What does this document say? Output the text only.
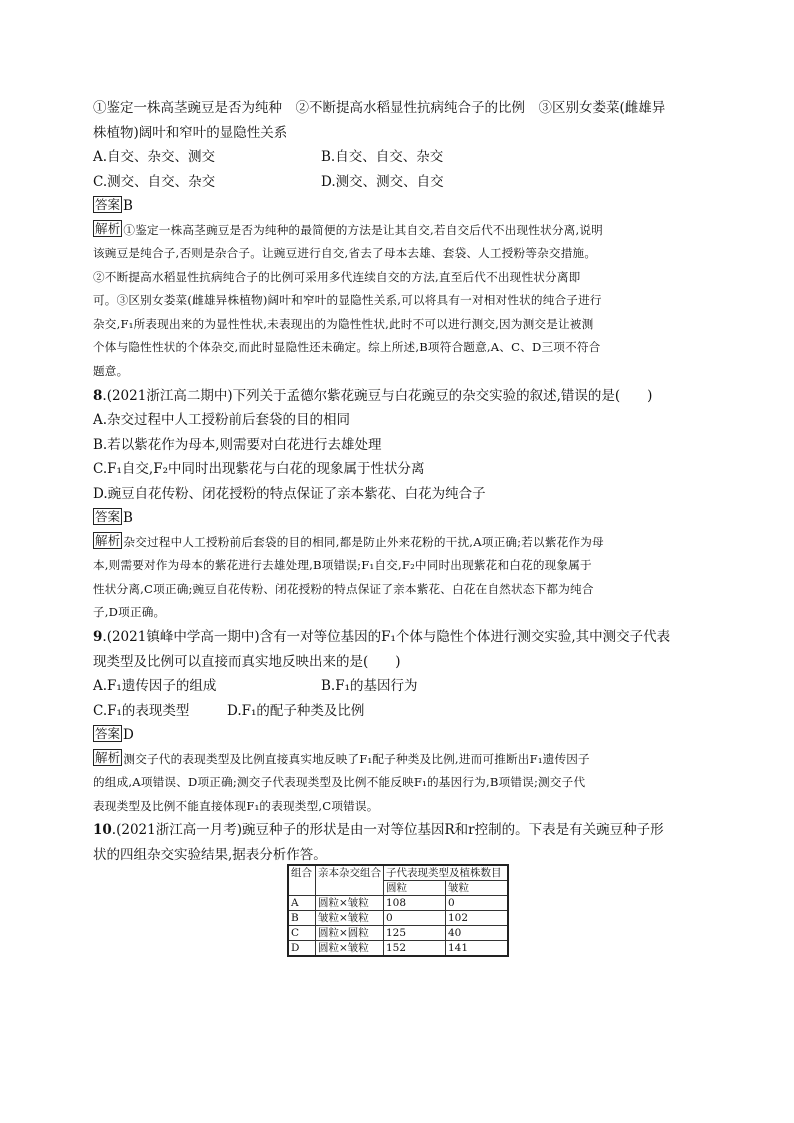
①鉴定一株高茎豌豆是否为纯种　②不断提高水稻显性抗病纯合子的比例　③区别女娄菜(雌雄异
株植物)阔叶和窄叶的显隐性关系
A.自交、杂交、测交	B.自交、自交、杂交
C.测交、自交、杂交	D.测交、测交、自交
答案 B
解析 ①鉴定一株高茎豌豆是否为纯种的最简便的方法是让其自交,若自交后代不出现性状分离,说明
该豌豆是纯合子,否则是杂合子。让豌豆进行自交,省去了母本去雄、套袋、人工授粉等杂交措施。
②不断提高水稻显性抗病纯合子的比例可采用多代连续自交的方法,直至后代不出现性状分离即
可。③区别女娄菜(雌雄异株植物)阔叶和窄叶的显隐性关系,可以将具有一对相对性状的纯合子进行
杂交,F₁所表现出来的为显性性状,未表现出的为隐性性状,此时不可以进行测交,因为测交是让被测
个体与隐性性状的个体杂交,而此时显隐性还未确定。综上所述,B项符合题意,A、C、D三项不符合
题意。
8.(2021浙江高二期中)下列关于孟德尔紫花豌豆与白花豌豆的杂交实验的叙述,错误的是(　　)
A.杂交过程中人工授粉前后套袋的目的相同
B.若以紫花作为母本,则需要对白花进行去雄处理
C.F₁自交,F₂中同时出现紫花与白花的现象属于性状分离
D.豌豆自花传粉、闭花授粉的特点保证了亲本紫花、白花为纯合子
答案 B
解析 杂交过程中人工授粉前后套袋的目的相同,都是防止外来花粉的干扰,A项正确;若以紫花作为母
本,则需要对作为母本的紫花进行去雄处理,B项错误;F₁自交,F₂中同时出现紫花和白花的现象属于
性状分离,C项正确;豌豆自花传粉、闭花授粉的特点保证了亲本紫花、白花在自然状态下都为纯合
子,D项正确。
9.(2021镇峰中学高一期中)含有一对等位基因的F₁个体与隐性个体进行测交实验,其中测交子代表
现类型及比例可以直接而真实地反映出来的是(　　)
A.F₁遗传因子的组成	B.F₁的基因行为
C.F₁的表现类型	D.F₁的配子种类及比例
答案 D
解析 测交子代的表现类型及比例直接真实地反映了F₁配子种类及比例,进而可推断出F₁遗传因子
的组成,A项错误、D项正确;测交子代表现类型及比例不能反映F₁的基因行为,B项错误;测交子代
表现类型及比例不能直接体现F₁的表现类型,C项错误。
10.(2021浙江高一月考)豌豆种子的形状是由一对等位基因R和r控制的。下表是有关豌豆种子形
状的四组杂交实验结果,据表分析作答。
组合	亲本杂交组合	子代表现类型及植株数目	
		圆粒	皱粒
A	圆粒×皱粒	108	0
B	皱粒×皱粒	0	102
C	圆粒×圆粒	125	40
D	圆粒×皱粒	152	141
